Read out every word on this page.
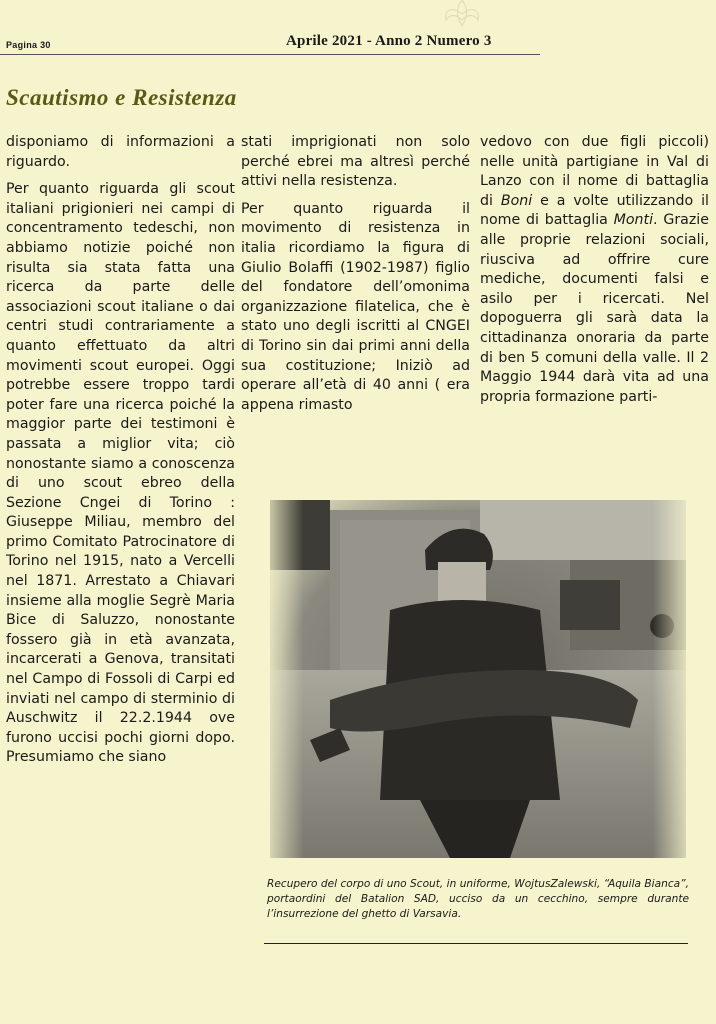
Pagina 30	Aprile 2021 - Anno 2 Numero 3
Scautismo e Resistenza

disponiamo di informazioni a riguardo.

Per quanto riguarda gli scout italiani prigionieri nei campi di concentramento tedeschi, non abbiamo notizie poiché non risulta sia stata fatta una ricerca da parte delle associazioni scout italiane o dai centri studi contrariamente a quanto effettuato da altri movimenti scout europei. Oggi potrebbe essere troppo tardi poter fare una ricerca poiché la maggior parte dei testimoni è passata a miglior vita; ciò nonostante siamo a conoscenza di uno scout ebreo della Sezione Cngei di Torino : Giuseppe Miliau, membro del primo Comitato Patrocinatore di Torino nel 1915, nato a Vercelli nel 1871. Arrestato a Chiavari insieme alla moglie Segrè Maria Bice di Saluzzo, nonostante fossero già in età avanzata, incarcerati a Genova, transitati nel Campo di Fossoli di Carpi ed inviati nel campo di sterminio di Auschwitz il 22.2.1944 ove furono uccisi pochi giorni dopo. Presumiamo che siano

stati imprigionati non solo perché ebrei ma altresì perché attivi nella resistenza.

Per quanto riguarda il movimento di resistenza in italia ricordiamo la figura di Giulio Bolaffi (1902-1987) figlio del fondatore dell’omonima organizzazione filatelica, che è stato uno degli iscritti al CNGEI di Torino sin dai primi anni della sua costituzione; Iniziò ad operare all’età di 40 anni ( era appena rimasto

vedovo con due figli piccoli) nelle unità partigiane in Val di Lanzo con il nome di battaglia di Boni e a volte utilizzando il nome di battaglia Monti. Grazie alle proprie relazioni sociali, riusciva ad offrire cure mediche, documenti falsi e asilo per i ricercati. Nel dopoguerra gli sarà data la cittadinanza onoraria da parte di ben 5 comuni della valle. Il 2 Maggio 1944 darà vita ad una propria formazione parti-

Recupero del corpo di uno Scout, in uniforme, WojtusZalewski, “Aquila Bianca”, portaordini del Batalion SAD, ucciso da un cecchino, sempre durante l’insurrezione del ghetto di Varsavia.
